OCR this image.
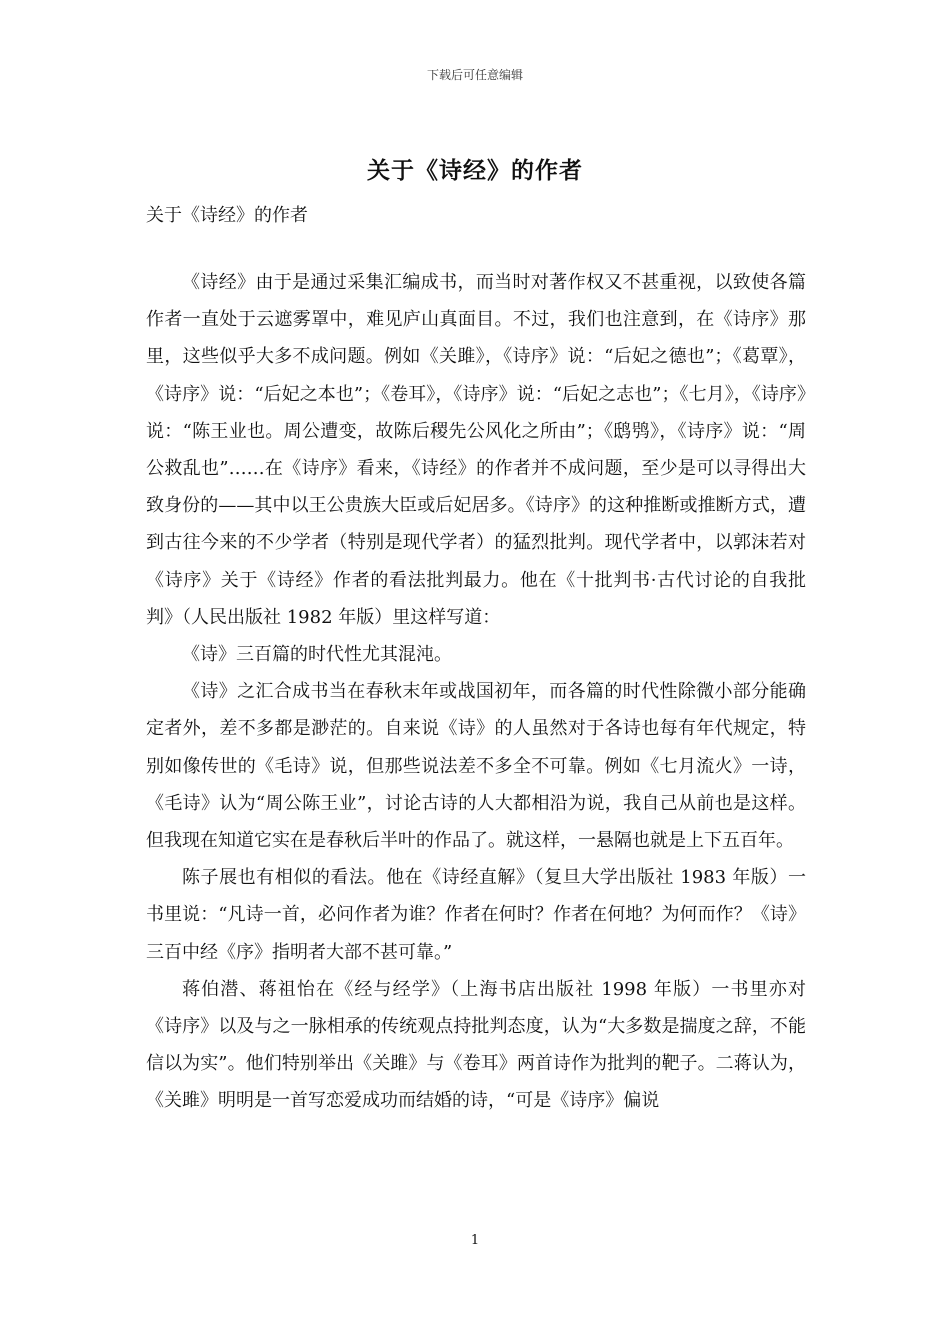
下载后可任意编辑
关于《诗经》的作者
关于《诗经》的作者

《诗经》由于是通过采集汇编成书，而当时对著作权又不甚重视，以致使各篇作者一直处于云遮雾罩中，难见庐山真面目。不过，我们也注意到，在《诗序》那里，这些似乎大多不成问题。例如《关雎》，《诗序》说：“后妃之德也”；《葛覃》，《诗序》说：“后妃之本也”；《卷耳》，《诗序》说：“后妃之志也”；《七月》，《诗序》说：“陈王业也。周公遭变，故陈后稷先公风化之所由”；《鸱鸮》，《诗序》说：“周公救乱也”……在《诗序》看来，《诗经》的作者并不成问题，至少是可以寻得出大致身份的——其中以王公贵族大臣或后妃居多。《诗序》的这种推断或推断方式，遭到古往今来的不少学者（特别是现代学者）的猛烈批判。现代学者中，以郭沫若对《诗序》关于《诗经》作者的看法批判最力。他在《十批判书·古代讨论的自我批判》（人民出版社 1982 年版）里这样写道：

《诗》三百篇的时代性尤其混沌。

《诗》之汇合成书当在春秋末年或战国初年，而各篇的时代性除微小部分能确定者外，差不多都是渺茫的。自来说《诗》的人虽然对于各诗也每有年代规定，特别如像传世的《毛诗》说，但那些说法差不多全不可靠。例如《七月流火》一诗，《毛诗》认为“周公陈王业”，讨论古诗的人大都相沿为说，我自己从前也是这样。但我现在知道它实在是春秋后半叶的作品了。就这样，一悬隔也就是上下五百年。

陈子展也有相似的看法。他在《诗经直解》（复旦大学出版社 1983 年版）一书里说：“凡诗一首，必问作者为谁？作者在何时？作者在何地？为何而作？《诗》三百中经《序》指明者大部不甚可靠。”

蒋伯潜、蒋祖怡在《经与经学》（上海书店出版社 1998 年版）一书里亦对《诗序》以及与之一脉相承的传统观点持批判态度，认为“大多数是揣度之辞，不能信以为实”。他们特别举出《关雎》与《卷耳》两首诗作为批判的靶子。二蒋认为，《关雎》明明是一首写恋爱成功而结婚的诗，“可是《诗序》偏说

1
